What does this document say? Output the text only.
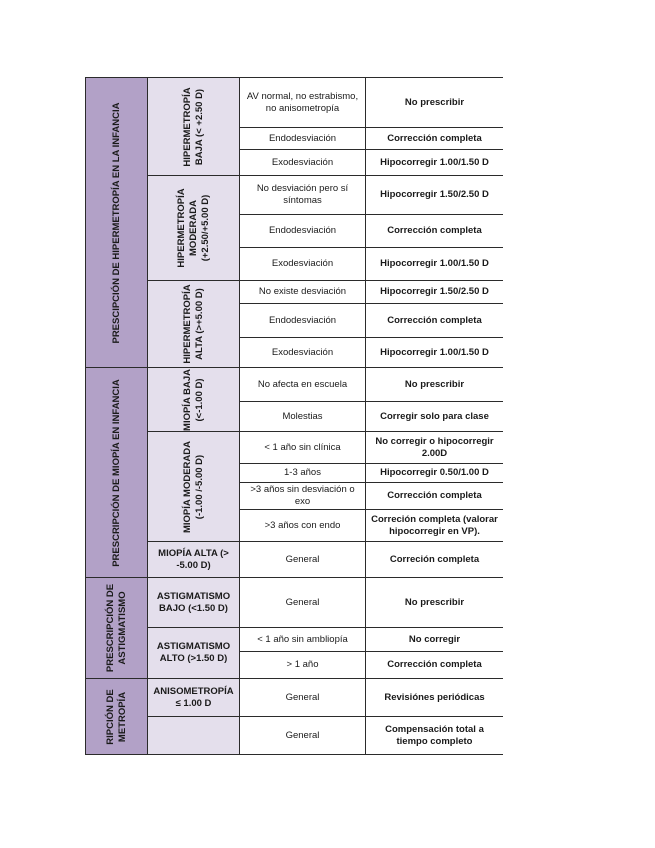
PRESCIPCIÓN DE HIPERMETROPÍA EN LA INFANCIA	HIPERMETROPÍA BAJA (< +2.50 D)	AV normal, no estrabismo, no anisometropía	No prescribir
		Endodesviación	Corrección completa
		Exodesviación	Hipocorregir 1.00/1.50 D

	HIPERMETROPÍA MODERADA (+2.50/+5.00 D)	No desviación pero sí síntomas	Hipocorregir 1.50/2.50 D
		Endodesviación	Corrección completa
		Exodesviación	Hipocorregir 1.00/1.50 D

	HIPERMETROPÍA ALTA (>+5.00 D)	No existe desviación	Hipocorregir 1.50/2.50 D
		Endodesviación	Corrección completa
		Exodesviación	Hipocorregir 1.00/1.50 D

PRESCRIPCIÓN DE MIOPÍA EN INFANCIA	MIOPÍA BAJA (<-1.00 D)	No afecta en escuela	No prescribir
		Molestias	Corregir solo para clase

	MIOPÍA MODERADA (-1.00 /-5.00 D)	< 1 año sin clínica	No corregir o hipocorregir 2.00D
		1-3 años	Hipocorregir 0.50/1.00 D
		>3 años sin desviación o exo	Corrección completa
		>3 años con endo	Correción completa (valorar hipocorregir en VP).
	MIOPÍA ALTA (> -5.00 D)	General	Correción completa

PRESCRIPCIÓN DE ASTIGMATISMO	ASTIGMATISMO BAJO (<1.50 D)	General	No prescribir
	ASTIGMATISMO ALTO (>1.50 D)	< 1 año sin ambliopía	No corregir
		> 1 año	Corrección completa

RIPCIÓN DE METROPÍA	ANISOMETROPÍA ≤ 1.00 D	General	Revisiónes periódicas
		General	Compensación total a tiempo completo
